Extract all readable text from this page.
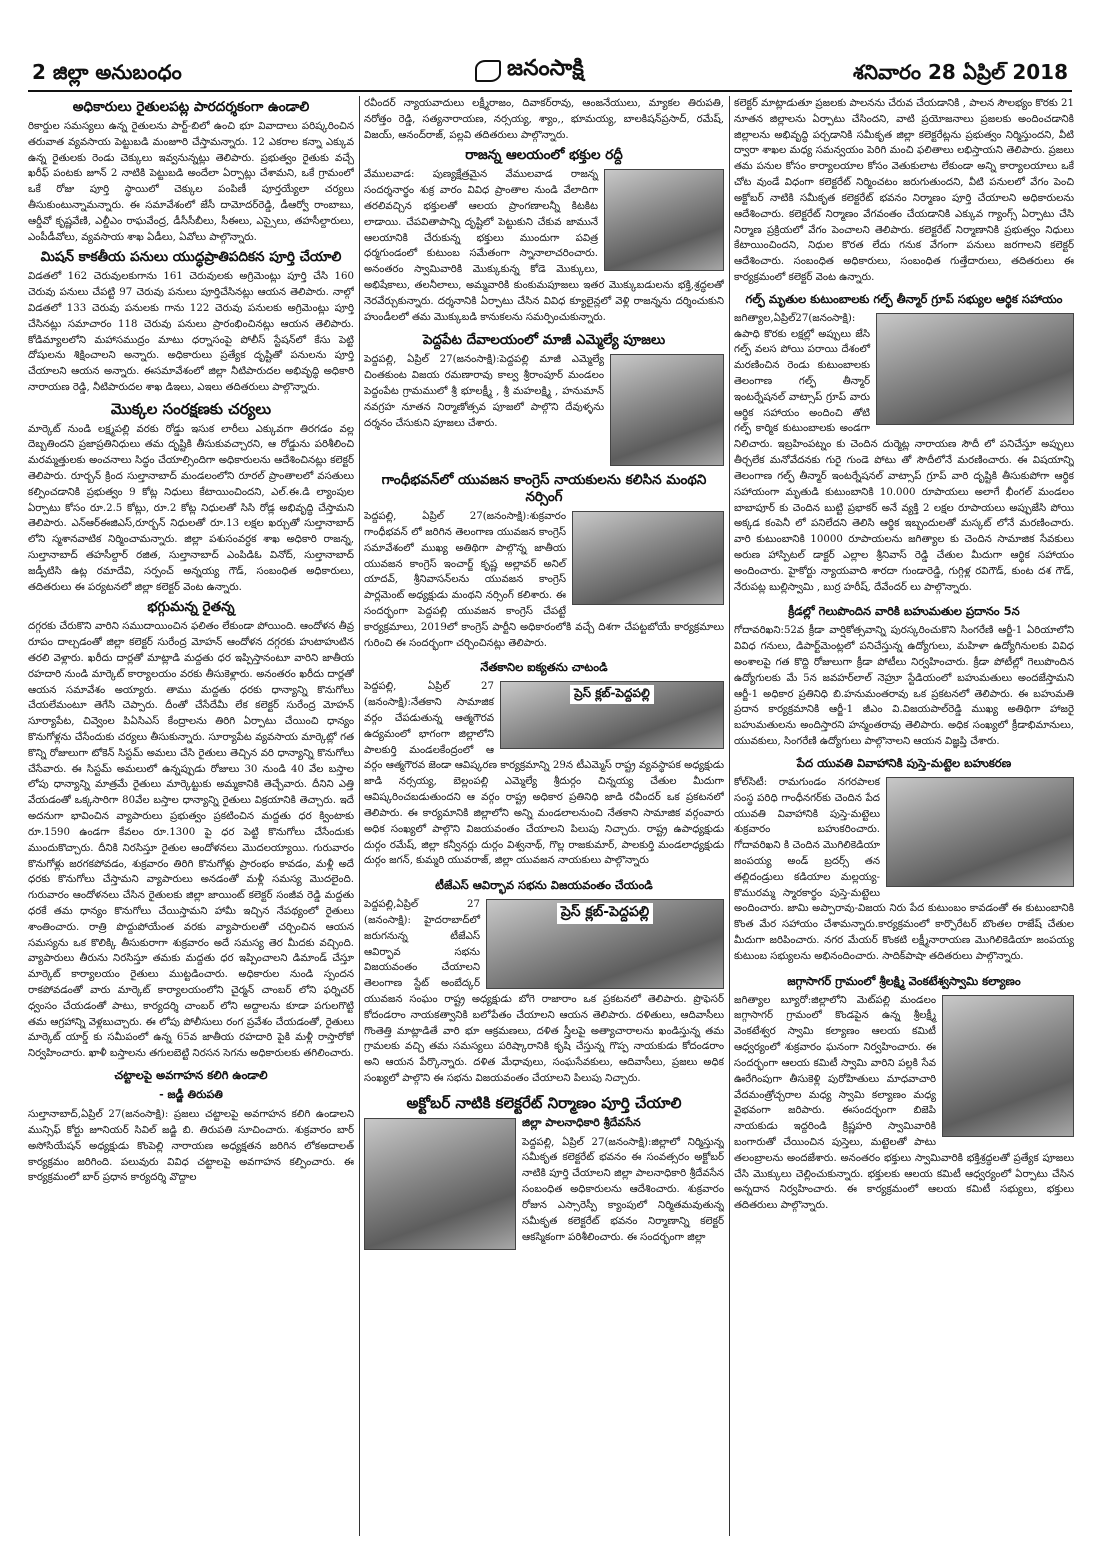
2 జిల్లా అనుబంధం	జనంసాక్షి	శనివారం 28 ఏప్రిల్ 2018
అధికారులు రైతులపట్ల పారదర్శకంగా ఉండాలి

రికార్డుల సమస్యలు ఉన్న రైతులను పార్ట్-బిలో ఉంచి భూ వివాదాలు పరిష్కరించిన తరువాత వ్యవసాయ పెట్టుబడి మంజూరి చేస్తామన్నారు. 12 ఎకరాల కన్నా ఎక్కువ ఉన్న రైతులకు రెండు చెక్కులు ఇవ్వనున్నట్లు తెలిపారు. ప్రభుత్వం రైతుకు వచ్చే ఖరీఫ్ పంటకు జూన్ 2 నాటికి పెట్టుబడి అందేలా ఏర్పాట్లు చేశామని, ఒకే గ్రామంలో ఒకే రోజు పూర్తి స్థాయిలో చెక్కుల పంపిణీ పూర్తయ్యేలా చర్యలు తీసుకుంటున్నామన్నారు. ఈ సమావేశంలో జేసీ దామోదర్‌రెడ్డి, డీఆర్వో రాంబాబు, ఆర్డీవో కృష్ణవేణి, ఎల్డీఎం రాఘవేంద్ర, డీసీసీబీలు, సీఈలు, ఎస్సైలు, తహసీల్దారులు, ఎంపీడీవోలు, వ్యవసాయ శాఖ ఏడీలు, ఏవోలు పాల్గొన్నారు.

మిషన్ కాకతీయ పనులు యుద్ధప్రాతిపదికన పూర్తి చేయాలి

విడతలో 162 చెరువులకుగాను 161 చెరువులకు అగ్రిమెంట్లు పూర్తి చేసి 160 చెరువు పనులు చేపట్టి 97 చెరువు పనులు పూర్తిచేసినట్లు ఆయన తెలిపారు. నాల్గో విడతలో 133 చెరువు పనులకు గాను 122 చెరువు పనులకు అగ్రిమెంట్లు పూర్తి చేసినట్లు సమాచారం 118 చెరువు పనులు ప్రారంభించినట్లు ఆయన తెలిపారు. కోడిమ్యాలలోని మహాసముద్రం మాటు ధర్నాసంపై పోలీస్ స్టేషన్‌లో కేసు పెట్టి దోషులను శిక్షించాలని అన్నారు. అధికారులు ప్రత్యేక దృష్టితో పనులను పూర్తి చేయాలని ఆయన అన్నారు. ఈసమావేశంలో జిల్లా నీటిపారుదల అభివృద్ధి అధికారి నారాయణ రెడ్డి, నీటిపారుదల శాఖ డిఇలు, ఎఇలు తదితరులు పాల్గొన్నారు.

మొక్కల సంరక్షణకు చర్యలు

మార్కెట్ నుండి లక్ష్మపల్లి వరకు రోడ్డు ఇసుక లారీలు ఎక్కువగా తిరగడం వల్ల దెబ్బతిందని ప్రజాప్రతినిధులు తమ దృష్టికి తీసుకువచ్చారని, ఆ రోడ్డును పరిశీలించి మరమ్మత్తులకు అంచనాలు సిద్ధం చేయాల్సిందిగా అధికారులను ఆదేశించినట్లు కలెక్టర్ తెలిపారు. రూర్బన్ క్రింద సుల్తానాబాద్ మండలంలోని రూరల్ ప్రాంతాలలో వసతులు కల్పించడానికి ప్రభుత్వం 9 కోట్ల నిధులు కేటాయించిందని, ఎల్.ఈ.డి ల్యాంపుల ఏర్పాటు కోసం రూ.2.5 కోట్లు, రూ.2 కోట్ల నిధులతో సిసి రోడ్ల అభివృద్ధి చేస్తామని తెలిపారు. ఎన్ఆర్ఈజిఎస్,రూర్బన్ నిధులతో రూ.13 లక్షల ఖర్చుతో సుల్తానాబాద్ లోని స్మశానవాటిక నిర్మించామన్నారు. జిల్లా పశుసంవర్ధక శాఖ అధికారి రాజన్న, సుల్తానాబాద్ తహసీల్దార్ రజిత, సుల్తానాబాద్ ఎంపిడిఓ వినోద్, సుల్తానాబాద్ జడ్పీటిసి ఉట్ల రమాదేవి, సర్పంచ్ అన్నయ్య గౌడ్, సంబంధిత అధికారులు, తదితరులు ఈ పర్యటనలో జిల్లా కలెక్టర్ వెంట ఉన్నారు.

భగ్గుమన్న రైతన్న

దగ్గరకు చేరుకొని వారిని సముదాయించిన ఫలితం లేకుండా పోయింది. ఆందోళన తీవ్ర రూపం దాల్చడంతో జిల్లా కలెక్టర్ సురేంద్ర మోహన్ ఆందోళన దగ్గరకు హుటాహుటిన తరలి వెళ్లారు. ఖరీదు దార్లతో మాట్లాడి మద్దతు ధర ఇప్పిస్తానంటూ వారిని జాతీయ రహదారి నుండి మార్కెట్ కార్యాలయం వరకు తీసుకెళ్లారు. అనంతరం ఖరీదు దార్లతో ఆయన సమావేశం అయ్యారు. తాము మద్దతు ధరకు ధాన్యాన్ని కొనుగోలు చేయలేమంటూ తెగేసి చెప్పారు. దీంతో చేసేదేమీ లేక కలెక్టర్ సురేంద్ర మోహన్ సూర్యాపేట, చివ్వెంల పిఏసిఎస్ కేంద్రాలను తిరిగి ఏర్పాటు చేయించి ధాన్యం కొనుగోళ్లను చేసేందుకు చర్యలు తీసుకున్నారు. సూర్యాపేట వ్యవసాయ మార్కెట్లో గత కొన్ని రోజులుగా టోకెన్ సిస్టమ్ అమలు చేసి రైతులు తెచ్చిన వరి ధాన్యాన్ని కొనుగోలు చేసేవారు. ఈ సిస్టమ్ అమలులో ఉన్నప్పుడు రోజులు 30 నుండి 40 వేల బస్తాల లోపు ధాన్యాన్ని మాత్రమే రైతులు మార్కెట్టుకు అమ్మకానికి తెచ్చేవారు. దీనిని ఎత్తి వేయడంతో ఒక్కసారిగా 80వేల బస్తాల ధాన్యాన్ని రైతులు విక్రయానికి తెచ్చారు. ఇదే అదనుగా భావించిన వ్యాపారులు ప్రభుత్వం ప్రకటించిన మద్దతు ధర క్వింటాకు రూ.1590 ఉండగా కేవలం రూ.1300 పై ధర పెట్టి కొనుగోలు చేసేందుకు ముందుకొచ్చారు. దీనికి నిరసిస్తూ రైతుల ఆందోళనలు మొదలయ్యాయి. గురువారం కొనుగోళ్లు జరగకపోవడం, శుక్రవారం తిరిగి కొనుగోళ్లు ప్రారంభం కావడం, మళ్లీ అదే ధరకు కొనుగోలు చేస్తామని వ్యాపారులు అనడంతో మళ్లీ సమస్య మొదలైంది. గురువారం ఆందోళనలు చేసిన రైతులకు జిల్లా జాయింట్ కలెక్టర్ సంజీవ రెడ్డి మద్దతు ధరకే తమ ధాన్యం కొనుగోలు చేయిస్తామని హామీ ఇచ్చిన నేపథ్యంలో రైతులు శాంతించారు. రాత్రి పొద్దుపోయేంత వరకు వ్యాపారులతో చర్చించిన ఆయన సమస్యను ఒక కొలిక్కి తీసుకురాగా శుక్రవారం అదే సమస్య తెర మీదకు వచ్చింది. వ్యాపారులు తీరును నిరసిస్తూ తమకు మద్దతు ధర ఇప్పించాలని డిమాండ్ చేస్తూ మార్కెట్ కార్యాలయం రైతులు ముట్టడించారు. అధికారుల నుండి స్పందన రాకపోవడంతో వారు మార్కెట్ కార్యాలయంలోని చైర్మన్ చాంబర్ లోని ఫర్నిచర్ ధ్వంసం చేయడంతో పాటు, కార్యదర్శి చాంబర్ లోని అద్దాలను కూడా పగులగొట్టి తమ ఆగ్రహాన్ని వెళ్లబుచ్చారు. ఈ లోపు పోలీసులు రంగ ప్రవేశం చేయడంతో, రైతులు మార్కెట్ యార్డ్ కు సమీపంలో ఉన్న 65వ జాతీయ రహదారి పైకి మళ్లీ రాస్తారోకో నిర్వహించారు. ఖాళీ బస్తాలను తగులబెట్టి నిరసన సెగను అధికారులకు తగిలించారు.

చట్టాలపై అవగాహన కలిగి ఉండాలి
- జడ్జీ తిరుపతి

సుల్తానాబాద్,ఏప్రిల్ 27(జనంసాక్షి): ప్రజలు చట్టాలపై అవగాహన కలిగి ఉండాలని మున్సిఫ్ కోర్టు జూనియర్ సివిల్ జడ్జి బి. తిరుపతి సూచించారు. శుక్రవారం బార్ అసోసియేషన్ అధ్యక్షుడు కొంపెల్లి నారాయణ అధ్యక్షతన జరిగిన లోకఅదాలత్ కార్యక్రమం జరిగింది. పలువురు వివిధ చట్టాలపై అవగాహన కల్పించారు. ఈ కార్యక్రమంలో బార్ ప్రధాన కార్యదర్శి వొద్దాల

రవీందర్ న్యాయవాదులు లక్ష్మీరాజం, దివాకర్‌రావు, ఆంజనేయులు, మ్యాకల తిరుపతి, నరోత్తం రెడ్డి, సత్యనారాయణ, నర్సయ్య, శ్యాం,, భూమయ్య, బాలకిషన్‌ప్రసాద్, రమేష్, విజయ్, ఆనంద్‌రాజ్, పల్లవి తదితరులు పాల్గొన్నారు.

రాజన్న ఆలయంలో భక్తుల రద్దీ

వేములవాడ: పుణ్యక్షేత్రమైన వేములవాడ రాజన్న సందర్శనార్థం శుక్ర వారం వివిధ ప్రాంతాల నుండి వేలాదిగా తరలివచ్చిన భక్తులతో ఆలయ ప్రాంగణాలన్నీ కిటకిట లాడాయి. చేపవితాపాన్ని దృష్టిలో పెట్టుకుని చేకువ జామునే ఆలయానికి చేరుకున్న భక్తులు ముందుగా పవిత్ర ధర్మగుండంలో కుటుంబ సమేతంగా స్నానాలాచరించారు. అనంతరం స్వామివారికి మొక్కుకున్న కోడె మొక్కులు, అభిషేకాలు, తలనీలాలు, అమ్మవారికి కుంకుమపూజలు ఇతర మొక్కుబడులను భక్తి,శ్రద్ధలతో నెరవేర్చుకున్నారు. దర్శనానికి ఏర్పాటు చేసిన వివిధ క్యూలైన్లలో వెళ్లి రాజన్నను దర్శించుకుని హుండీలలో తమ మొక్కుబడి కానుకలను సమర్పించుకున్నారు.

పెద్దపేట దేవాలయంలో మాజీ ఎమ్మెల్యే పూజలు

పెద్దపల్లి, ఏప్రిల్ 27(జనంసాక్షి):పెద్దపల్లి మాజీ ఎమ్మెల్యే చింతకుంట విజయ రమణారావు కాల్వ శ్రీరాంపూర్ మండలం పెద్దంపేట గ్రామములో శ్రీ భూలక్ష్మీ , శ్రీ మహలక్ష్మి , హనుమాన్ నవగ్రహ నూతన నిర్మాణోత్సవ పూజలో పాల్గొని దేవుళ్ళను దర్శనం చేసుకుని పూజలు చేశారు.

గాంధీభవన్‌లో యువజన కాంగ్రెస్ నాయకులను కలిసిన మంథని నర్సింగ్

పెద్దపల్లి, ఏప్రిల్ 27(జనంసాక్షి):శుక్రవారం గాంధీభవన్ లో జరిగిన తెలంగాణ యువజన కాంగ్రెస్ సమావేశంలో ముఖ్య అతిథిగా పాల్గొన్న జాతీయ యువజన కాంగ్రెస్ ఇంచార్జ్ కృష్ణ అల్లావర్ అనిల్ యాదవ్, శ్రీనివాసన్‌లను యువజన కాంగ్రెస్ పార్లమెంట్ అధ్యక్షుడు మంథని నర్సింగ్ కలిశారు. ఈ సందర్భంగా పెద్దపల్లి యువజన కాంగ్రెస్ చేపట్టే కార్యక్రమాలు, 2019లో కాంగ్రెస్ పార్టీని అధికారంలోకి వచ్చే దిశగా చేపట్టబోయే కార్యక్రమాలు గురించి ఈ సందర్భంగా చర్చించినట్లు తెలిపారు.

నేతకానిల ఐక్యతను చాటండి
ప్రెస్ క్లబ్-పెద్దపల్లి

పెద్దపల్లి, ఏప్రిల్ 27 (జనంసాక్షి):నేతకాని సామాజిక వర్గం చేపడుతున్న ఆత్మగౌరవ ఉద్యమంలో భాగంగా జిల్లాలోని పాలకుర్తి మండలకేంద్రంలో ఆ వర్గం ఆత్మగౌరవ జెండా ఆవిష్కరణ కార్యక్రమాన్ని 29న టీఎమ్మెస్ రాష్ట్ర వ్యవస్థాపక అధ్యక్షుడు జాడి నర్సయ్య, బెల్లంపల్లి ఎమ్మెల్యే శ్రీదుర్గం చిన్నయ్య చేతుల మీదుగా ఆవిష్కరించబడుతుందని ఆ వర్గం రాష్ట్ర అధికార ప్రతినిధి జాడి రవీందర్ ఒక ప్రకటనలో తెలిపారు. ఈ కార్యమానికి జిల్లాలోని అన్ని మండలాలనుంచి నేతకాని సామాజిక వర్గంవారు అధిక సంఖ్యలో పాల్గొని విజయవంతం చేయాలని పిలుపు నిచ్చారు. రాష్ట్ర ఉపాధ్యక్షుడు దుర్గం రమేష్, జిల్లా కన్వీనర్లు దుర్గం విశ్వనాథ్, గొల్ల రాజకుమార్, పాలకుర్తి మండలాధ్యక్షుడు దుర్గం జగన్, కుమ్మరి యువరాజ్, జిల్లా యువజన నాయకులు పాల్గొన్నారు

టీజేఎస్ ఆవిర్భావ సభను విజయవంతం చేయండి
ప్రెస్ క్లబ్-పెద్దపల్లి

పెద్దపల్లి,ఏప్రిల్ 27 (జనంసాక్షి): హైదరాబాద్‌లో జరుగనున్న టీజేఎస్ ఆవిర్భావ సభను విజయవంతం చేయాలని తెలంగాణ స్టేట్ అంబేద్కర్ యువజన సంఘం రాష్ట్ర అధ్యక్షుడు బోగె రాజారాం ఒక ప్రకటనలో తెలిపారు. ప్రొఫెసర్ కోదండరాం నాయకత్వానికి బలోపేతం చేయాలని ఆయన తెలిపారు. దళితులు, ఆదివాసీలు గొంతెత్తి మాట్లాడితే వారి భూ ఆక్రమణలు, దళిత స్త్రీలపై అత్యాచారాలను ఖండిస్తున్న తమ గ్రామలకు వచ్చి తమ సమస్యలు పరిష్కారానికి కృషి చేస్తున్న గొప్ప నాయకుడు కోదండరాం అని ఆయన పేర్కొన్నారు. దళిత మేధావులు, సంఘసేవకులు, ఆదివాసీలు, ప్రజలు అధిక సంఖ్యలో పాల్గొని ఈ సభను విజయవంతం చేయాలని పిలుపు నిచ్చారు.

అక్టోబర్ నాటికి కలెక్టరేట్ నిర్మాణం పూర్తి చేయాలి
జిల్లా పాలనాధికారి శ్రీదేవసేన

పెద్దపల్లి, ఏప్రిల్ 27(జనంసాక్షి):జిల్లాలో నిర్మిస్తున్న సమీకృత కలెక్టరేట్ భవనం ఈ సంవత్సరం అక్టోబర్ నాటికి పూర్తి చేయాలని జిల్లా పాలనాధికారి శ్రీదేవసేన సంబంధిత అధికారులను ఆదేశించారు. శుక్రవారం రోజున ఎస్సారెస్పీ క్యాంపులో నిర్మితమవుతున్న సమీకృత కలెక్టరేట్ భవనం నిర్మాణాన్ని కలెక్టర్ ఆకస్మికంగా పరిశీలించారు. ఈ సందర్భంగా జిల్లా

కలెక్టర్ మాట్లాడుతూ ప్రజలకు పాలనను చేరువ చేయడానికి , పాలన సౌలభ్యం కొరకు 21 నూతన జిల్లాలను ఏర్పాటు చేసిందని, వాటి ప్రయోజనాలు ప్రజలకు అందించడానికి జిల్లాలను అభివృద్ధి పర్చడానికి సమీకృత జిల్లా కలెక్టరేట్లను ప్రభుత్వం నిర్మిస్తుందని, వీటి ద్వారా శాఖల మధ్య సమన్వయం పెరిగి మంచి ఫలితాలు లభిస్తాయని తెలిపారు. ప్రజలు తమ పనుల కోసం కార్యాలయాల కోసం వెతుకులాట లేకుండా అన్ని కార్యాలయాలు ఒకే చోట వుండే విధంగా కలెక్టరేట్ నిర్మించటం జరుగుతుందని, వీటి పనులలో వేగం పెంచి అక్టోబర్ నాటికి సమీకృత కలెక్టరేట్ భవనం నిర్మాణం పూర్తి చేయాలని అధికారులను ఆదేశించారు. కలెక్టరేట్ నిర్మాణం వేగవంతం చేయడానికి ఎక్కువ గ్యాంగ్స్ ఏర్పాటు చేసి నిర్మాణ ప్రక్రియలో వేగం పెంచాలని తెలిపారు. కలెక్టరేట్ నిర్మాణానికి ప్రభుత్వం నిధులు కేటాయించిందని, నిధుల కొరత లేదు గనుక వేగంగా పనులు జరగాలని కలెక్టర్ ఆదేశించారు. సంబంధిత అధికారులు, సంబంధిత గుత్తేదారులు, తదితరులు ఈ కార్యక్రమంలో కలెక్టర్ వెంట ఉన్నారు.

గల్ఫ్ మృతుల కుటుంబాలకు గల్ఫ్ తీన్మార్ గ్రూప్ సభ్యుల ఆర్థిక సహాయం

జగిత్యాల,ఏప్రిల్27(జనంసాక్షి): ఉపాధి కొరకు లక్షల్లో అప్పులు జేసి గల్ఫ్ వలస పోయి పరాయి దేశంలో మరణించిన రెండు కుటుంబాలకు తెలంగాణ గల్ఫ్ తీన్మార్ ఇంటర్నేషనల్ వాట్సాప్ గ్రూప్ వారు ఆర్థిక సహాయం అందించి తోటి గల్ఫ్ కార్మిక కుటుంబాలకు అండగా నిలిచారు. ఇబ్రహింపట్నం కు చెందిన దుర్మెట్ల నారాయణ సౌదీ లో పనిచేస్తూ అప్పులు తీర్చలేక మనోవేదనకు గురై గుండె పోటు తో సౌదీలోనే మరణించారు. ఈ విషయాన్ని తెలంగాణ గల్ఫ్ తీన్మార్ ఇంటర్నేషనల్ వాట్సాప్ గ్రూప్ వారి దృష్టికి తీసుకుపోగా ఆర్థిక సహాయంగా మృతుడి కుటుంబానికి 10.000 రూపాయలు అలాగే భీంగల్ మండలం బాబాపూర్ కు చెందిన బుట్టి ప్రభాకర్ అనే వ్యక్తి 2 లక్షల రూపాయలు అప్పుజేసి పోయి అక్కడ కంపెనీ లో పనిలేదని తెలిసి ఆర్థిక ఇబ్బందులతో మస్కట్ లోనే మరణించారు. వారి కుటుంబానికి 10000 రూపాయలను జగిత్యాల కు చెందిన సామాజిక సేవకులు అరుణ హాస్పిటల్ డాక్టర్ ఎల్లాల శ్రీనివాస్ రెడ్డి చేతుల మీదుగా ఆర్థిక సహాయం అందించారు. హైకోర్టు న్యాయవాది శారదా గుండారెడ్డి, గుగ్గిళ్ల రవిగౌడ్, కుంట దశ గౌడ్, నేరుపట్ల బుల్లిస్వామి , బుర్ర హరీష్, దేవేందర్ లు పాల్గొన్నారు.

క్రీడల్లో గెలుపొందిన వారికి బహుమతుల ప్రదానం 5న

గోదావరిఖని:52వ క్రీడా వార్షికోత్సవాన్ని పురస్కరించుకొని సింగరేణి ఆర్జీ-1 ఏరియాలోని వివిధ గనులు, డిపార్ట్‌మెంట్లలో పనిచేస్తున్న ఉద్యోగులు, మహిళా ఉద్యోగినులకు వివిధ అంశాలపై గత కొద్ది రోజులుగా క్రీడా పోటీలు నిర్వహించారు. క్రీడా పోటీల్లో గెలుపొందిన ఉద్యోగులకు మే 5న జవహర్‌లాల్ నెహ్రూ స్టేడియంలో బహుమతులు అందజేస్తామని ఆర్జీ-1 అధికార ప్రతినిధి బి.హనుమంతరావు ఒక ప్రకటనలో తెలిపారు. ఈ బహుమతి ప్రదాన కార్యక్రమానికి ఆర్జీ-1 జీఎం వి.విజయపాల్‌రెడ్డి ముఖ్య అతిథిగా హాజరై బహుమతులను అందిస్తారని హన్మంతరావు తెలిపారు. అధిక సంఖ్యలో క్రీడాభిమానులు, యువకులు, సింగరేణి ఉద్యోగులు పాల్గొనాలని ఆయన విజ్ఞప్తి చేశారు.

పేద యువతి వివాహానికి పుస్తె-మట్టెల బహుకరణ

కోల్‌సిటీ: రామగుండం నగరపాలక సంస్థ పరిధి గాంధీనగర్‌కు చెందిన పేద యువతి వివాహానికి పుస్తె-మట్టెలు శుక్రవారం బహుకరించారు. గోదావరిఖని కి చెందిన మొగిలికెడియా జంపయ్య అండ్ బ్రదర్స్ తన తల్లిదండ్రులు కడియాల మల్లయ్య-కొమురమ్మ స్మారకార్థం పుస్తె-మట్టెలు అందించారు. జామి అప్పారావు-విజయ నిరు పేద కుటుంబం కావడంతో ఈ కుటుంబానికి కొంత మేర సహాయం చేశామన్నారు.కార్యక్రమంలో కార్పొరేటర్ బొంతల రాజేష్ చేతుల మీదుగా జరిపించారు. నగర మేయర్ కొంకటి లక్ష్మీనారాయణ మొగిలికెడియా జంపయ్య కుటుంబ సభ్యులను అభినందించారు. సాదిక్‌పాషా తదితరులు పాల్గొన్నారు.

జగ్గాసాగర్ గ్రామంలో శ్రీలక్ష్మి వెంకటేశ్వస్వామి కల్యాణం

జగిత్యాల బ్యూరో:జిల్లాలోని మెట్‌పల్లి మండలం జగ్గాసాగర్ గ్రామంలో కొండపైన ఉన్న శ్రీలక్ష్మీ వెంకటేశ్వర స్వామి కల్యాణం ఆలయ కమిటీ ఆధ్వర్యంలో శుక్రవారం ఘనంగా నిర్వహించారు. ఈ సందర్భంగా ఆలయ కమిటీ స్వామి వారిని పల్లకి సేవ ఊరేగింపుగా తీసుకెళ్లి పురోహితులు మాధవాచారి వేదమంత్రోచ్చరాల మధ్య స్వామి కల్యాణం మధ్య వైభవంగా జరిపారు. ఈసందర్భంగా బిజెపి నాయకుడు ఇద్దరిండి క్రిష్ణహరి స్వామివారికి బంగారుతో చేయించిన పుస్తెలు, మట్టెలతో పాటు తలంబ్రాలను అందజేశారు. అనంతరం భక్తులు స్వామివారికి భక్తిశ్రద్ధలతో ప్రత్యేక పూజలు చేసి మొక్కులు చెల్లించుకున్నారు. భక్తులకు ఆలయ కమిటీ ఆధ్వర్యంలో ఏర్పాటు చేసిన అన్నదాన నిర్వహించారు. ఈ కార్యక్రమంలో ఆలయ కమిటీ సభ్యులు, భక్తులు తదితరులు పాల్గొన్నారు.
